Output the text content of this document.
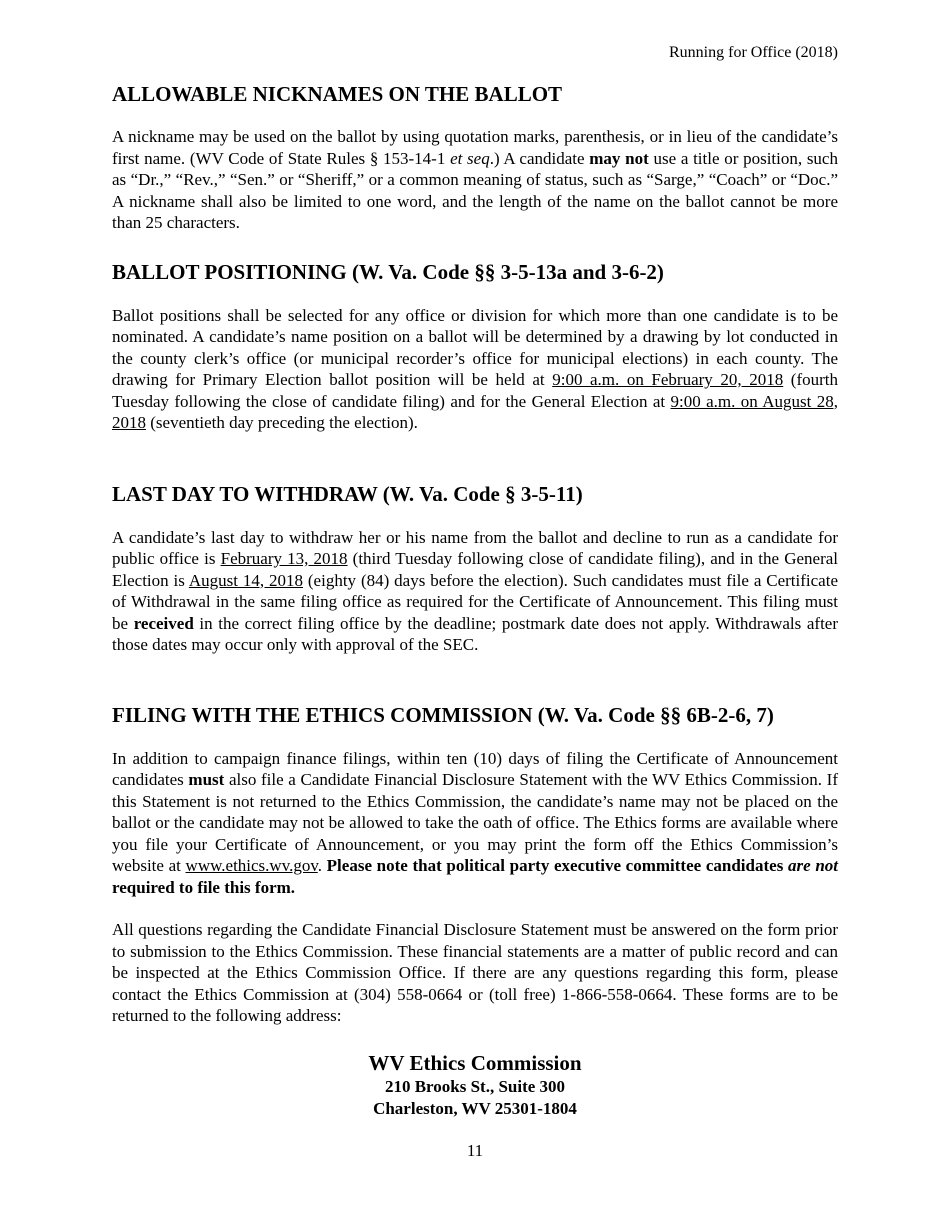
Running for Office (2018)
ALLOWABLE NICKNAMES ON THE BALLOT

A nickname may be used on the ballot by using quotation marks, parenthesis, or in lieu of the candidate’s first name. (WV Code of State Rules § 153-14-1 et seq.) A candidate may not use a title or position, such as “Dr.,” “Rev.,” “Sen.” or “Sheriff,” or a common meaning of status, such as “Sarge,” “Coach” or “Doc.” A nickname shall also be limited to one word, and the length of the name on the ballot cannot be more than 25 characters.

BALLOT POSITIONING (W. Va. Code §§ 3-5-13a and 3-6-2)

Ballot positions shall be selected for any office or division for which more than one candidate is to be nominated. A candidate’s name position on a ballot will be determined by a drawing by lot conducted in the county clerk’s office (or municipal recorder’s office for municipal elections) in each county. The drawing for Primary Election ballot position will be held at 9:00 a.m. on February 20, 2018 (fourth Tuesday following the close of candidate filing) and for the General Election at 9:00 a.m. on August 28, 2018 (seventieth day preceding the election).

LAST DAY TO WITHDRAW (W. Va. Code § 3-5-11)

A candidate’s last day to withdraw her or his name from the ballot and decline to run as a candidate for public office is February 13, 2018 (third Tuesday following close of candidate filing), and in the General Election is August 14, 2018 (eighty (84) days before the election). Such candidates must file a Certificate of Withdrawal in the same filing office as required for the Certificate of Announcement. This filing must be received in the correct filing office by the deadline; postmark date does not apply. Withdrawals after those dates may occur only with approval of the SEC.

FILING WITH THE ETHICS COMMISSION (W. Va. Code §§ 6B-2-6, 7)

In addition to campaign finance filings, within ten (10) days of filing the Certificate of Announcement candidates must also file a Candidate Financial Disclosure Statement with the WV Ethics Commission. If this Statement is not returned to the Ethics Commission, the candidate’s name may not be placed on the ballot or the candidate may not be allowed to take the oath of office. The Ethics forms are available where you file your Certificate of Announcement, or you may print the form off the Ethics Commission’s website at www.ethics.wv.gov. Please note that political party executive committee candidates are not required to file this form.

All questions regarding the Candidate Financial Disclosure Statement must be answered on the form prior to submission to the Ethics Commission. These financial statements are a matter of public record and can be inspected at the Ethics Commission Office. If there are any questions regarding this form, please contact the Ethics Commission at (304) 558-0664 or (toll free) 1-866-558-0664. These forms are to be returned to the following address:

WV Ethics Commission
210 Brooks St., Suite 300
Charleston, WV 25301-1804
11
